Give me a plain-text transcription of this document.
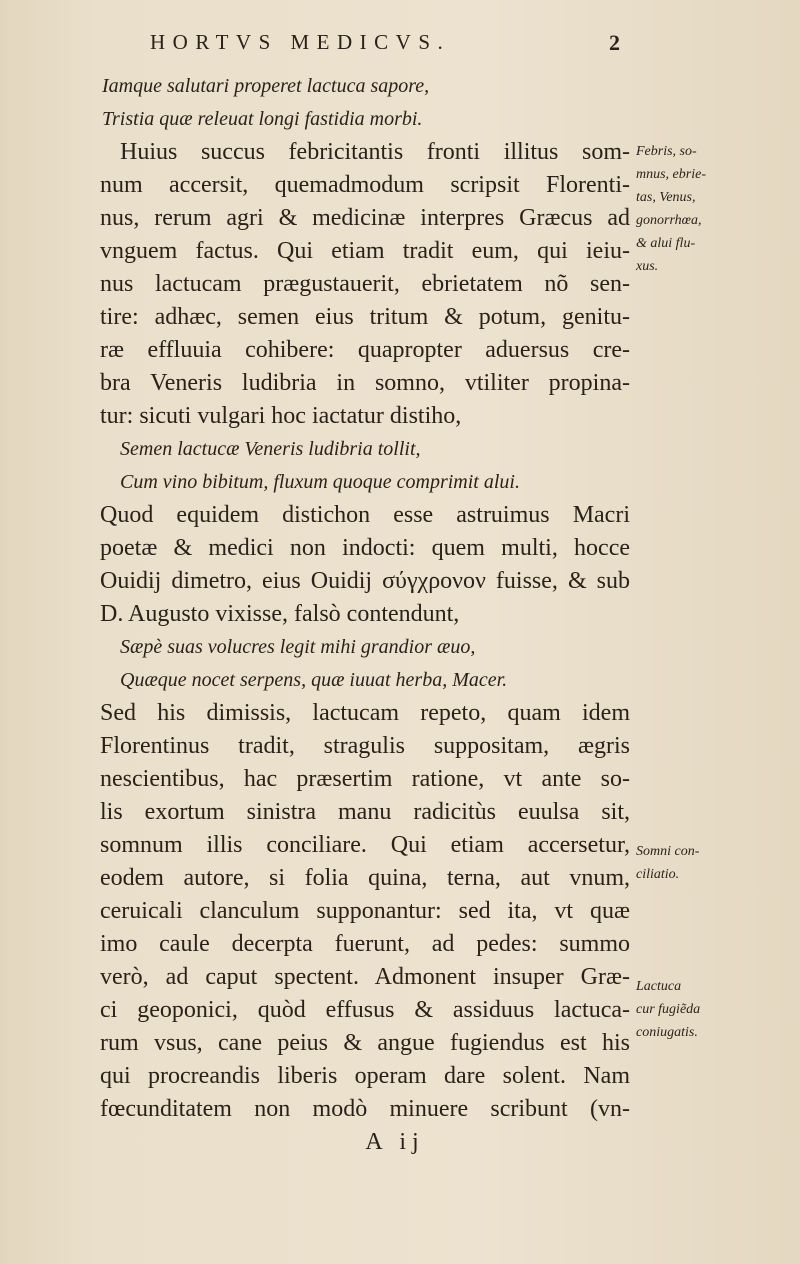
HORTVS MEDICVS.	2
Iamque salutari properet lactuca sapore,
Tristia quæ releuat longi fastidia morbi.
Huius succus febricitantis fronti illitus som-
num accersit, quemadmodum scripsit Florenti-
nus, rerum agri & medicinæ interpres Græcus ad
vnguem factus. Qui etiam tradit eum, qui ieiu-
nus lactucam prægustauerit, ebrietatem nõ sen-
tire: adhæc, semen eius tritum & potum, genitu-
ræ effluuia cohibere: quapropter aduersus cre-
bra Veneris ludibria in somno, vtiliter propina-
tur: sicuti vulgari hoc iactatur distiho,
Semen lactucæ Veneris ludibria tollit,
Cum vino bibitum, fluxum quoque comprimit alui.
Quod equidem distichon esse astruimus Macri
poetæ & medici non indocti: quem multi, hocce
Ouidij dimetro, eius Ouidij σύγχρονον fuisse, & sub
D. Augusto vixisse, falsò contendunt,
Sæpè suas volucres legit mihi grandior æuo,
Quæque nocet serpens, quæ iuuat herba, Macer.
Sed his dimissis, lactucam repeto, quam idem
Florentinus tradit, stragulis suppositam, ægris
nescientibus, hac præsertim ratione, vt ante so-
lis exortum sinistra manu radicitùs euulsa sit,
somnum illis conciliare. Qui etiam accersetur,
eodem autore, si folia quina, terna, aut vnum,
ceruicali clanculum supponantur: sed ita, vt quæ
imo caule decerpta fuerunt, ad pedes: summo
verò, ad caput spectent. Admonent insuper Græ-
ci geoponici, quòd effusus & assiduus lactuca-
rum vsus, cane peius & angue fugiendus est his
qui procreandis liberis operam dare solent. Nam
fœcunditatem non modò minuere scribunt (vn-
A ij
Febris, so-
mnus, ebrie-
tas, Venus,
gonorrhœa,
& alui flu-
xus.
Somni con-
ciliatio.
Lactuca
cur fugiẽda
coniugatis.
